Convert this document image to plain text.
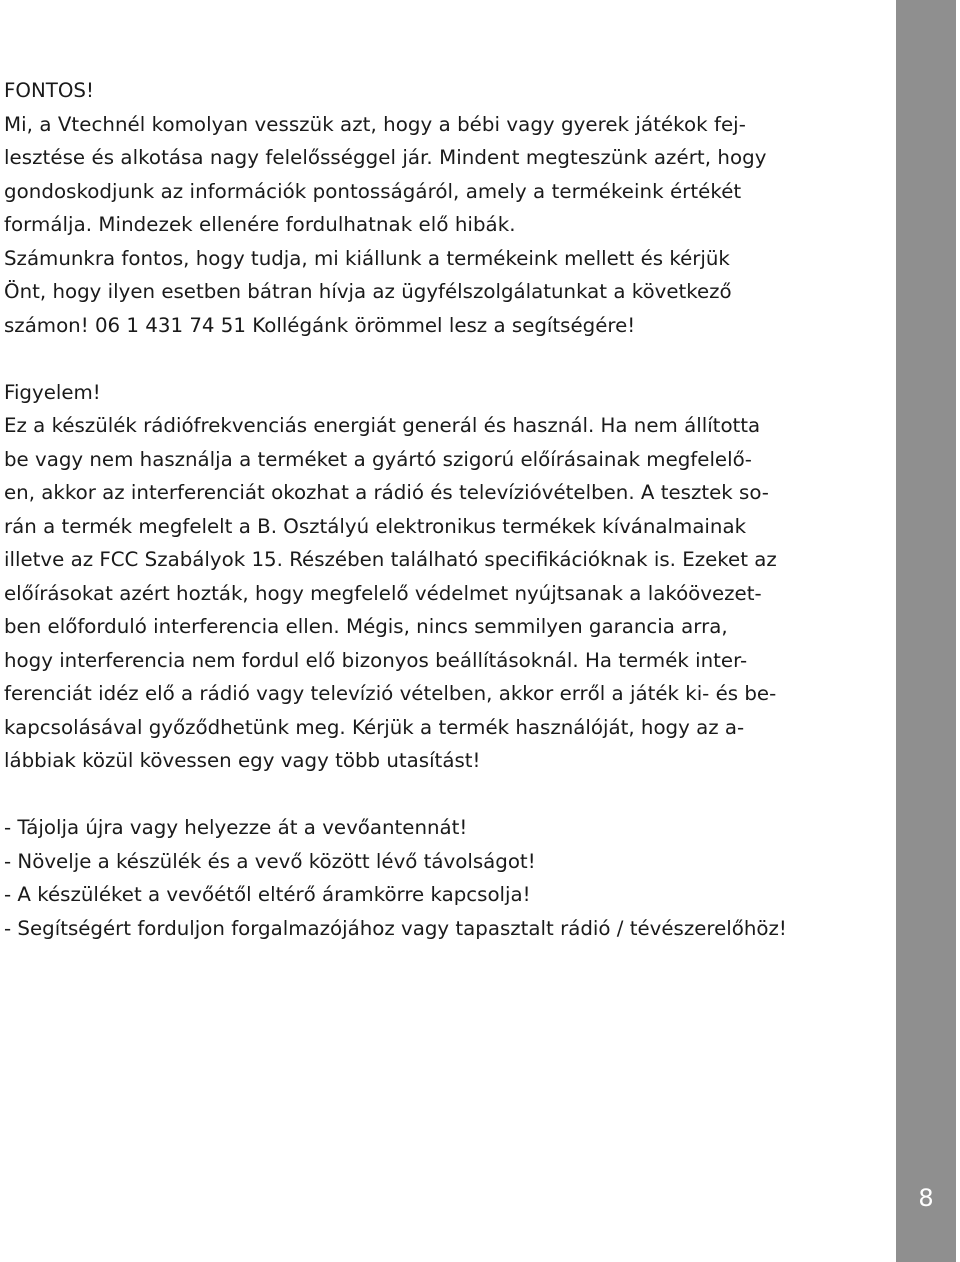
FONTOS!
Mi, a Vtechnél komolyan vesszük azt, hogy a bébi vagy gyerek játékok fej-
lesztése és alkotása nagy felelősséggel jár. Mindent megteszünk azért, hogy
gondoskodjunk az információk pontosságáról, amely a termékeink értékét
formálja. Mindezek ellenére fordulhatnak elő hibák.
Számunkra fontos, hogy tudja, mi kiállunk a termékeink mellett és kérjük
Önt, hogy ilyen esetben bátran hívja az ügyfélszolgálatunkat a következő
számon! 06 1 431 74 51 Kollégánk örömmel lesz a segítségére!
Figyelem!
Ez a készülék rádiófrekvenciás energiát generál és használ. Ha nem állította
be vagy nem használja a terméket a gyártó szigorú előírásainak megfelelő-
en, akkor az interferenciát okozhat a rádió és televízióvételben. A tesztek so-
rán a termék megfelelt a B. Osztályú elektronikus termékek kívánalmainak
illetve az FCC Szabályok 15. Részében található specifikációknak is. Ezeket az
előírásokat azért hozták, hogy megfelelő védelmet nyújtsanak a lakóövezet-
ben előforduló interferencia ellen. Mégis, nincs semmilyen garancia arra,
hogy interferencia nem fordul elő bizonyos beállításoknál. Ha termék inter-
ferenciát idéz elő a rádió vagy televízió vételben, akkor erről a játék ki- és be-
kapcsolásával győződhetünk meg. Kérjük a termék használóját, hogy az a-
lábbiak közül kövessen egy vagy több utasítást!
- Tájolja újra vagy helyezze át a vevőantennát!
- Növelje a készülék és a vevő között lévő távolságot!
- A készüléket a vevőétől eltérő áramkörre kapcsolja!
- Segítségért forduljon forgalmazójához vagy tapasztalt rádió / tévészerelőhöz!
8
